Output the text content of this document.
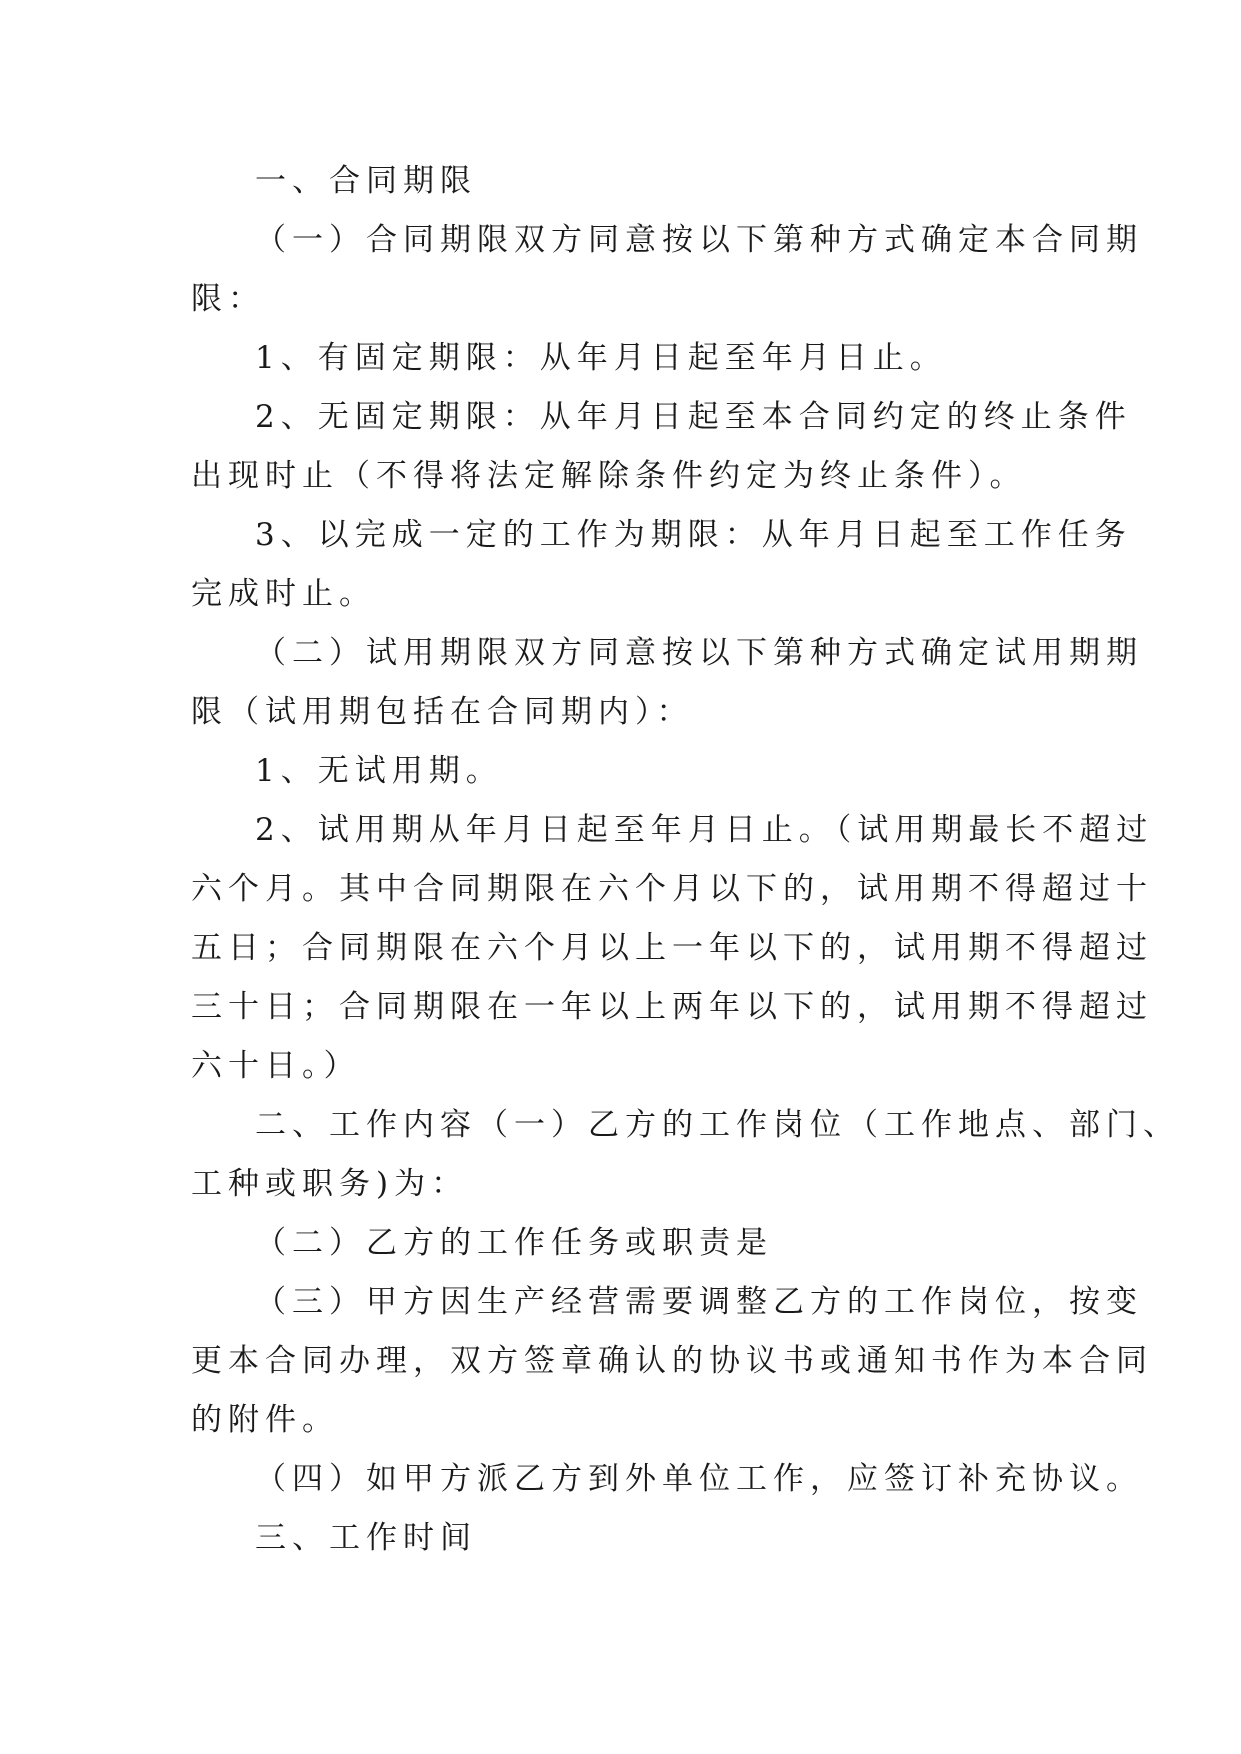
一、合同期限
（一）合同期限双方同意按以下第种方式确定本合同期
限：
1、有固定期限：从年月日起至年月日止。
2、无固定期限：从年月日起至本合同约定的终止条件
出现时止（不得将法定解除条件约定为终止条件）。
3、以完成一定的工作为期限：从年月日起至工作任务
完成时止。
（二）试用期限双方同意按以下第种方式确定试用期期
限（试用期包括在合同期内）：
1、无试用期。
2、试用期从年月日起至年月日止。（试用期最长不超过
六个月。其中合同期限在六个月以下的，试用期不得超过十
五日；合同期限在六个月以上一年以下的，试用期不得超过
三十日；合同期限在一年以上两年以下的，试用期不得超过
六十日。）
二、工作内容（一）乙方的工作岗位（工作地点、部门、
工种或职务)为：
（二）乙方的工作任务或职责是
（三）甲方因生产经营需要调整乙方的工作岗位，按变
更本合同办理，双方签章确认的协议书或通知书作为本合同
的附件。
（四）如甲方派乙方到外单位工作，应签订补充协议。
三、工作时间
